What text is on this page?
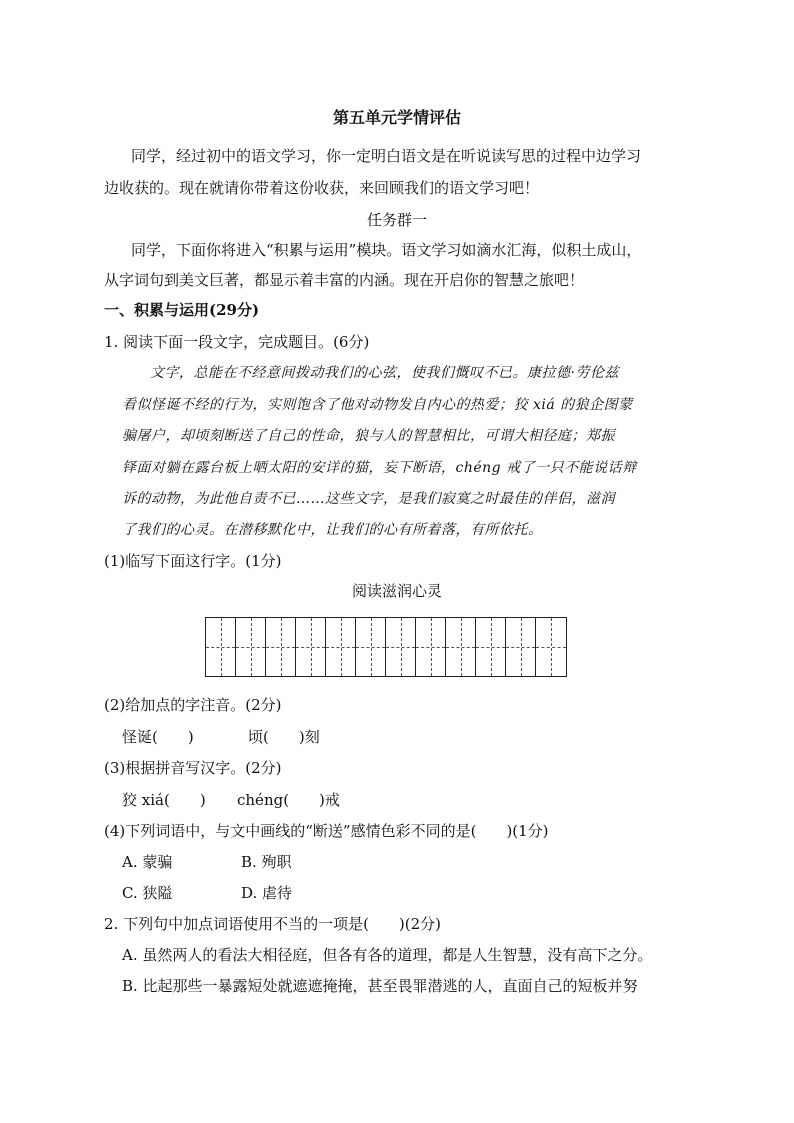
第五单元学情评估
同学，经过初中的语文学习，你一定明白语文是在听说读写思的过程中边学习
边收获的。现在就请你带着这份收获，来回顾我们的语文学习吧！
任务群一
同学，下面你将进入“积累与运用”模块。语文学习如滴水汇海，似积土成山，
从字词句到美文巨著，都显示着丰富的内涵。现在开启你的智慧之旅吧！
一、积累与运用(29分)
1. 阅读下面一段文字，完成题目。(6分)
文字，总能在不经意间拨动我们的心弦，使我们慨叹不已。康拉德·劳伦兹
看似怪诞不经的行为，实则饱含了他对动物发自内心的热爱；狡 xiá 的狼企图蒙
骗屠户，却顷刻断送了自己的性命，狼与人的智慧相比，可谓大相径庭；郑振
铎面对躺在露台板上晒太阳的安详的猫，妄下断语，chéng 戒了一只不能说话辩
诉的动物，为此他自责不已……这些文字，是我们寂寞之时最佳的伴侣，滋润
了我们的心灵。在潜移默化中，让我们的心有所着落，有所依托。
(1)临写下面这行字。(1分)
阅读滋润心灵
(2)给加点的字注音。(2分)
怪诞(　　)	顷(　　)刻
(3)根据拼音写汉字。(2分)
狡 xiá(　　) chéng(　　)戒
(4)下列词语中，与文中画线的“断送”感情色彩不同的是(　　)(1分)
A. 蒙骗	B. 殉职
C. 狭隘	D. 虐待
2. 下列句中加点词语使用不当的一项是(　　)(2分)
A. 虽然两人的看法大相径庭，但各有各的道理，都是人生智慧，没有高下之分。
B. 比起那些一暴露短处就遮遮掩掩，甚至畏罪潜逃的人，直面自己的短板并努
